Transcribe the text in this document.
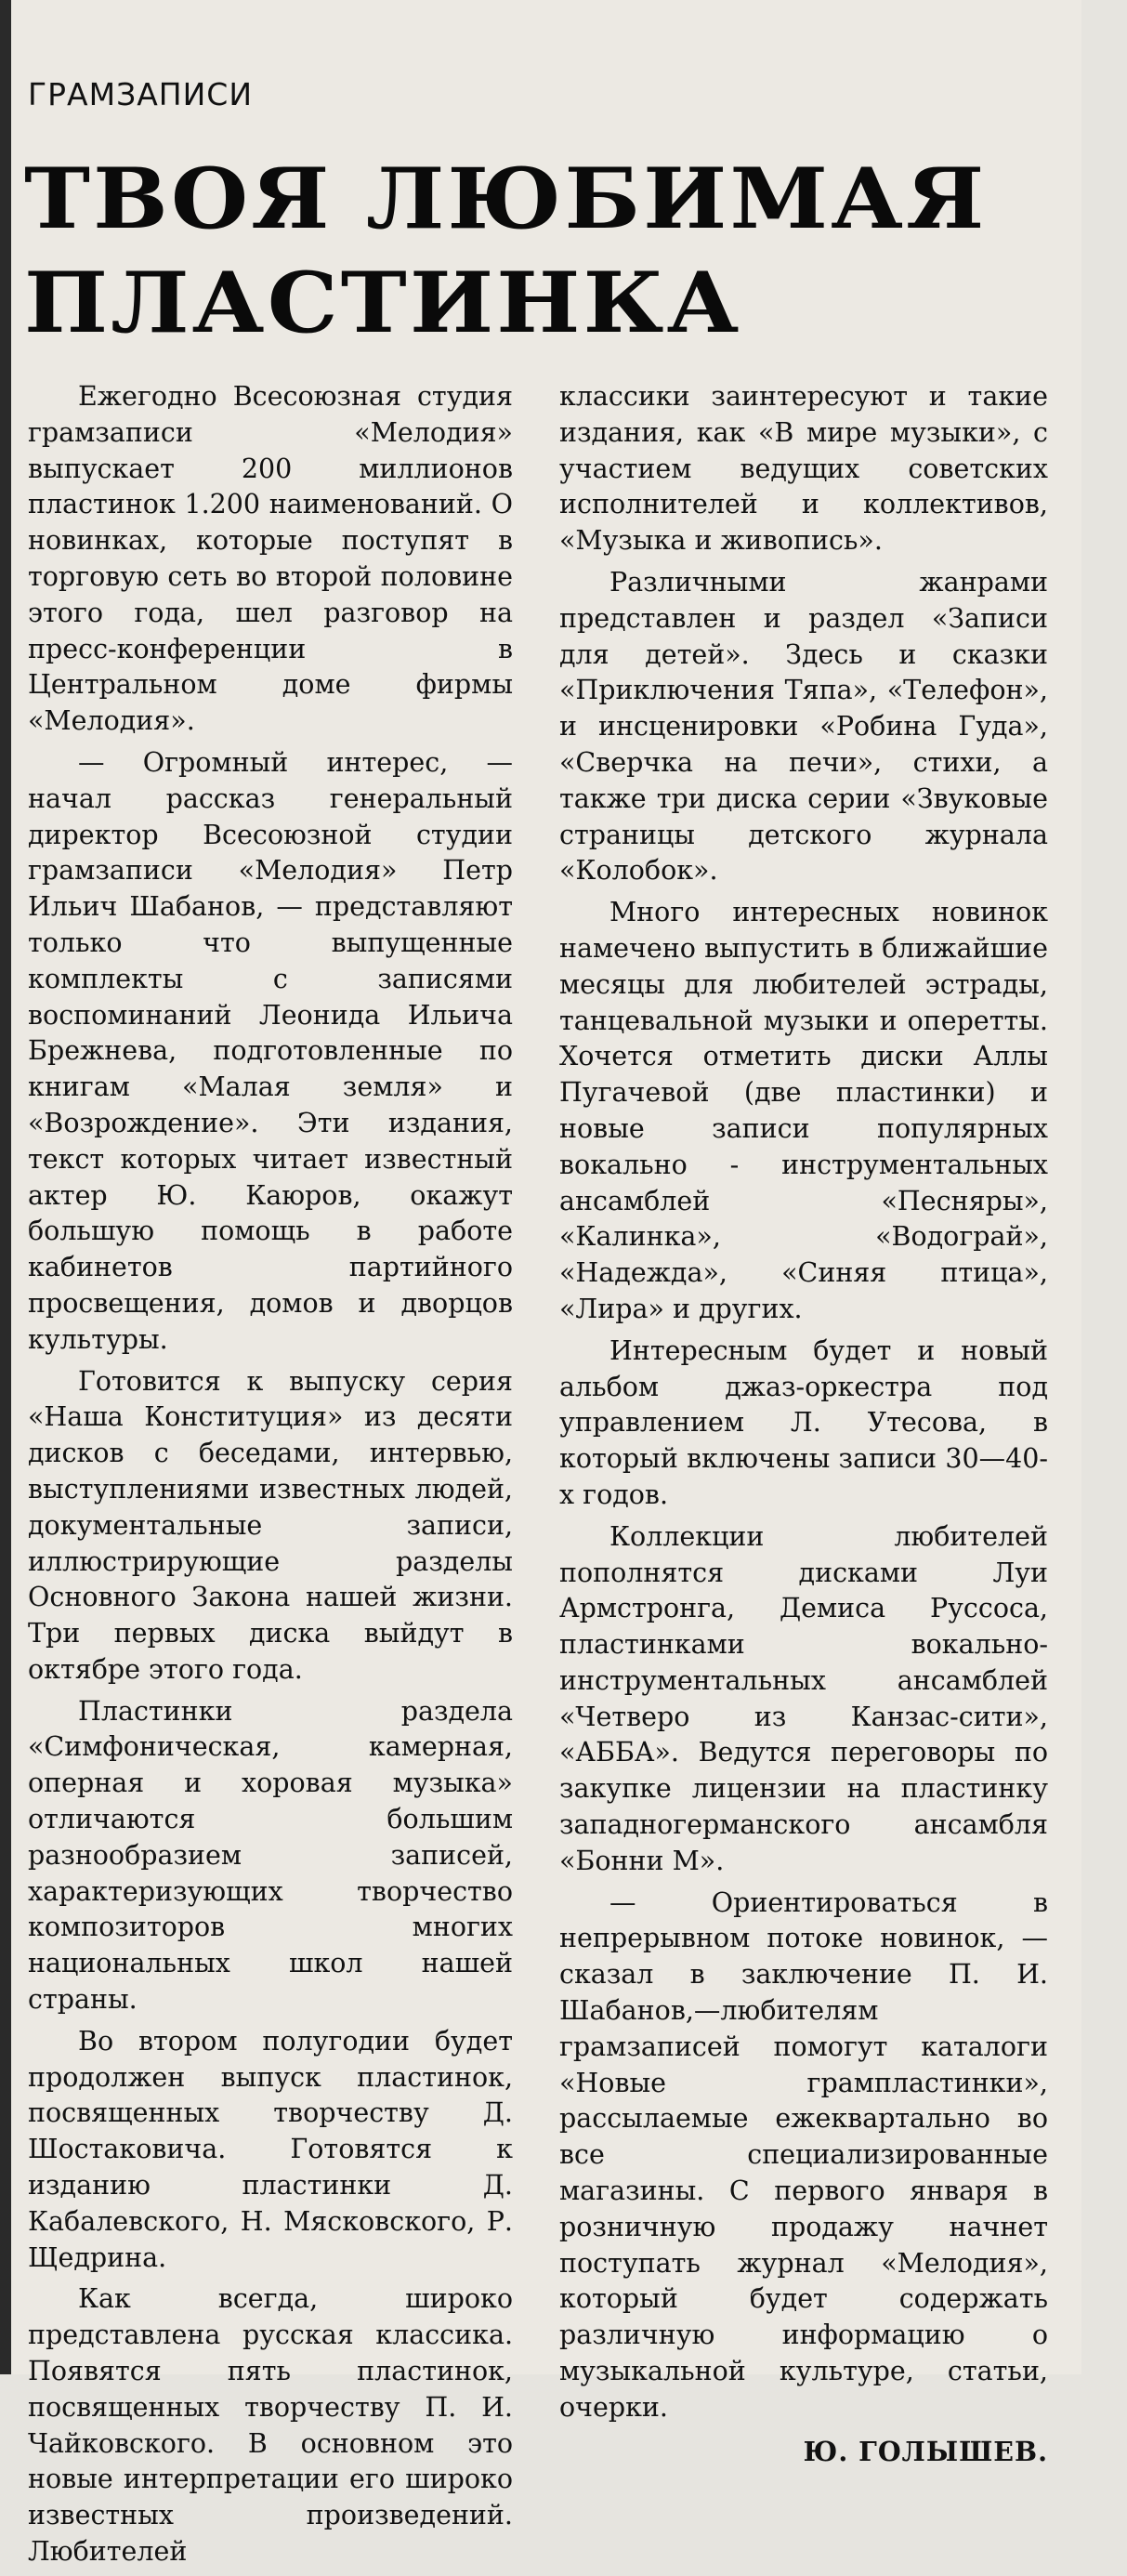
ГРАМЗАПИСИ
ТВОЯ ЛЮБИМАЯ
ПЛАСТИНКА

Ежегодно Всесоюзная студия грамзаписи «Мелодия» выпускает 200 миллионов пластинок 1.200 наименований. О новинках, которые поступят в торговую сеть во второй половине этого года, шел разговор на пресс-конференции в Центральном доме фирмы «Мелодия».

— Огромный интерес, — начал рассказ генеральный директор Всесоюзной студии грамзаписи «Мелодия» Петр Ильич Шабанов, — представляют только что выпущенные комплекты с записями воспоминаний Леонида Ильича Брежнева, подготовленные по книгам «Малая земля» и «Возрождение». Эти издания, текст которых читает известный актер Ю. Каюров, окажут большую помощь в работе кабинетов партийного просвещения, домов и дворцов культуры.

Готовится к выпуску серия «Наша Конституция» из десяти дисков с беседами, интервью, выступлениями известных людей, документальные записи, иллюстрирующие разделы Основного Закона нашей жизни. Три первых диска выйдут в октябре этого года.

Пластинки раздела «Симфоническая, камерная, оперная и хоровая музыка» отличаются большим разнообразием записей, характеризующих творчество композиторов многих национальных школ нашей страны.

Во втором полугодии будет продолжен выпуск пластинок, посвященных творчеству Д. Шостаковича. Готовятся к изданию пластинки Д. Кабалевского, Н. Мясковского, Р. Щедрина.

Как всегда, широко представлена русская классика. Появятся пять пластинок, посвященных творчеству П. И. Чайковского. В основном это новые интерпретации его широко известных произведений. Любителей

классики заинтересуют и такие издания, как «В мире музыки», с участием ведущих советских исполнителей и коллективов, «Музыка и живопись».

Различными жанрами представлен и раздел «Записи для детей». Здесь и сказки «Приключения Тяпа», «Телефон», и инсценировки «Робина Гуда», «Сверчка на печи», стихи, а также три диска серии «Звуковые страницы детского журнала «Колобок».

Много интересных новинок намечено выпустить в ближайшие месяцы для любителей эстрады, танцевальной музыки и оперетты. Хочется отметить диски Аллы Пугачевой (две пластинки) и новые записи популярных вокально - инструментальных ансамблей «Песняры», «Калинка», «Водограй», «Надежда», «Синяя птица», «Лира» и других.

Интересным будет и новый альбом джаз-оркестра под управлением Л. Утесова, в который включены записи 30—40-х годов.

Коллекции любителей пополнятся дисками Луи Армстронга, Демиса Руссоса, пластинками вокально-инструментальных ансамблей «Четверо из Канзас-сити», «АББА». Ведутся переговоры по закупке лицензии на пластинку западногерманского ансамбля «Бонни М».

— Ориентироваться в непрерывном потоке новинок, — сказал в заключение П. И. Шабанов,—любителям грамзаписей помогут каталоги «Новые грампластинки», рассылаемые ежеквартально во все специализированные магазины. С первого января в розничную продажу начнет поступать журнал «Мелодия», который будет содержать различную информацию о музыкальной культуре, статьи, очерки.

Ю. ГОЛЫШЕВ.
